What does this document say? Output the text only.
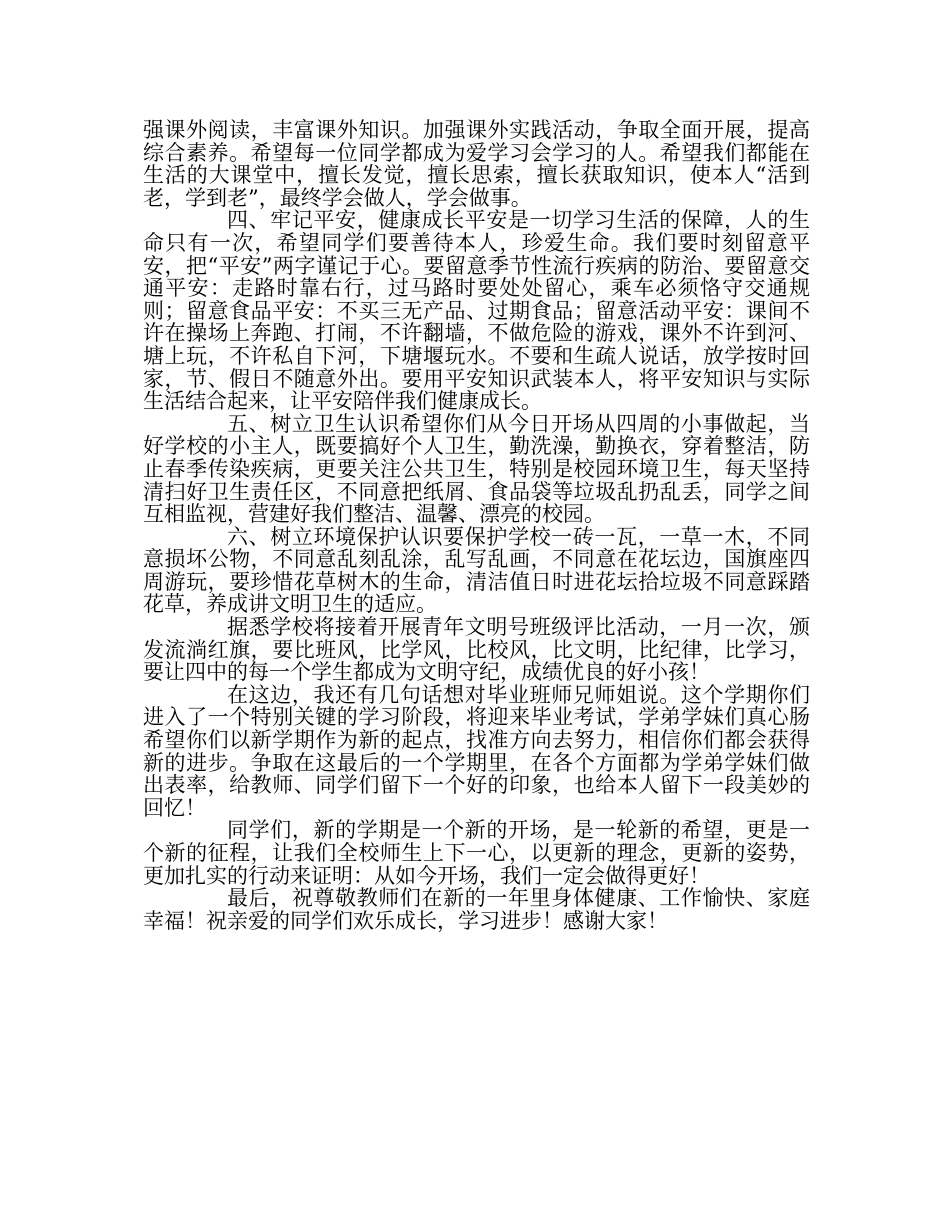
强课外阅读，丰富课外知识。加强课外实践活动，争取全面开展，提高综合素养。希望每一位同学都成为爱学习会学习的人。希望我们都能在生活的大课堂中，擅长发觉，擅长思索，擅长获取知识，使本人“活到老，学到老”，最终学会做人，学会做事。

四、牢记平安，健康成长平安是一切学习生活的保障，人的生命只有一次，希望同学们要善待本人，珍爱生命。我们要时刻留意平安，把“平安”两字谨记于心。要留意季节性流行疾病的防治、要留意交通平安：走路时靠右行，过马路时要处处留心，乘车必须恪守交通规则；留意食品平安：不买三无产品、过期食品；留意活动平安：课间不许在操场上奔跑、打闹，不许翻墙，不做危险的游戏，课外不许到河、塘上玩，不许私自下河，下塘堰玩水。不要和生疏人说话，放学按时回家，节、假日不随意外出。要用平安知识武装本人，将平安知识与实际生活结合起来，让平安陪伴我们健康成长。

五、树立卫生认识希望你们从今日开场从四周的小事做起，当好学校的小主人，既要搞好个人卫生，勤洗澡，勤换衣，穿着整洁，防止春季传染疾病，更要关注公共卫生，特别是校园环境卫生，每天坚持清扫好卫生责任区，不同意把纸屑、食品袋等垃圾乱扔乱丢，同学之间互相监视，营建好我们整洁、温馨、漂亮的校园。

六、树立环境保护认识要保护学校一砖一瓦，一草一木，不同意损坏公物，不同意乱刻乱涂，乱写乱画，不同意在花坛边，国旗座四周游玩，要珍惜花草树木的生命，清洁值日时进花坛拾垃圾不同意踩踏花草，养成讲文明卫生的适应。

据悉学校将接着开展青年文明号班级评比活动，一月一次，颁发流淌红旗，要比班风，比学风，比校风，比文明，比纪律，比学习，要让四中的每一个学生都成为文明守纪，成绩优良的好小孩！

在这边，我还有几句话想对毕业班师兄师姐说。这个学期你们进入了一个特别关键的学习阶段，将迎来毕业考试，学弟学妹们真心肠希望你们以新学期作为新的起点，找准方向去努力，相信你们都会获得新的进步。争取在这最后的一个学期里，在各个方面都为学弟学妹们做出表率，给教师、同学们留下一个好的印象，也给本人留下一段美妙的回忆！

同学们，新的学期是一个新的开场，是一轮新的希望，更是一个新的征程，让我们全校师生上下一心，以更新的理念，更新的姿势，更加扎实的行动来证明：从如今开场，我们一定会做得更好！

最后，祝尊敬教师们在新的一年里身体健康、工作愉快、家庭幸福！祝亲爱的同学们欢乐成长，学习进步！感谢大家！
